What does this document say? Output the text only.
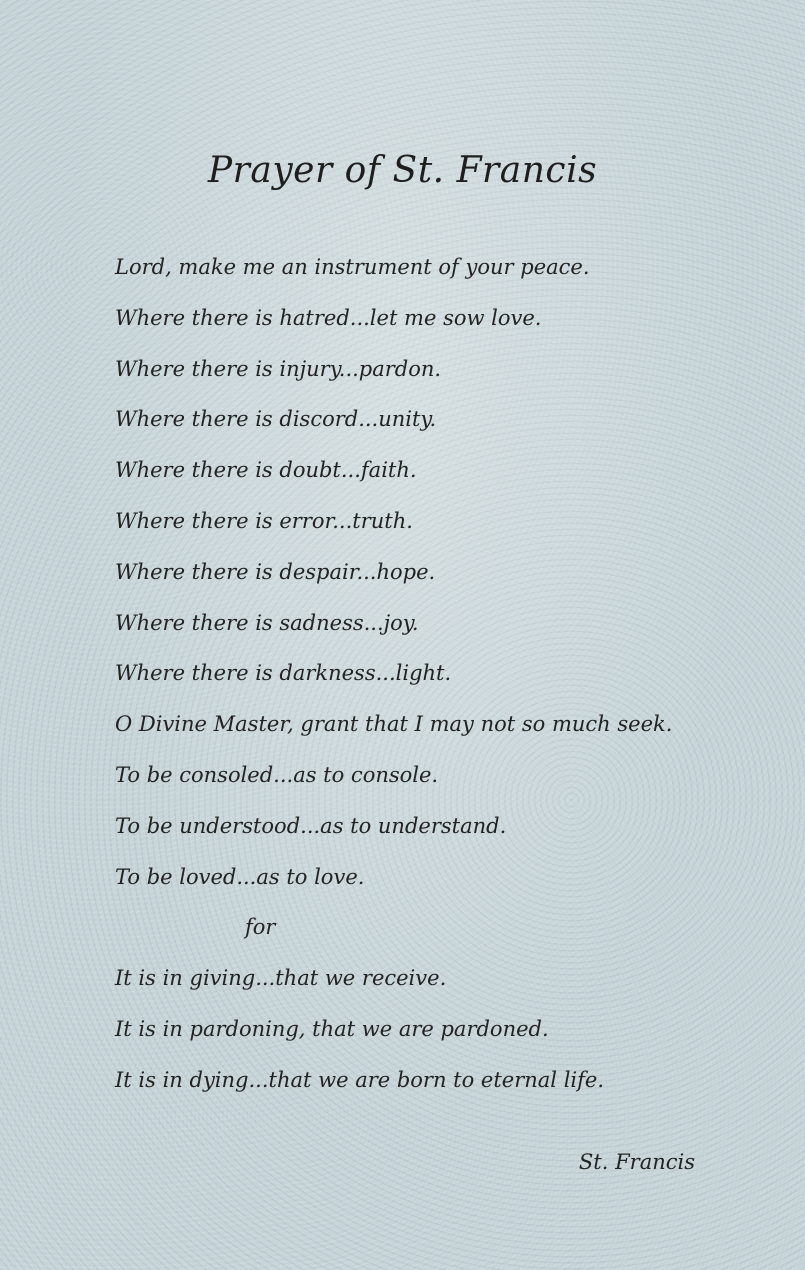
Prayer of St. Francis
Lord, make me an instrument of your peace.
Where there is hatred...let me sow love.
Where there is injury...pardon.
Where there is discord...unity.
Where there is doubt...faith.
Where there is error...truth.
Where there is despair...hope.
Where there is sadness...joy.
Where there is darkness...light.
O Divine Master, grant that I may not so much seek.
To be consoled...as to console.
To be understood...as to understand.
To be loved...as to love.
for
It is in giving...that we receive.
It is in pardoning, that we are pardoned.
It is in dying...that we are born to eternal life.
St. Francis
